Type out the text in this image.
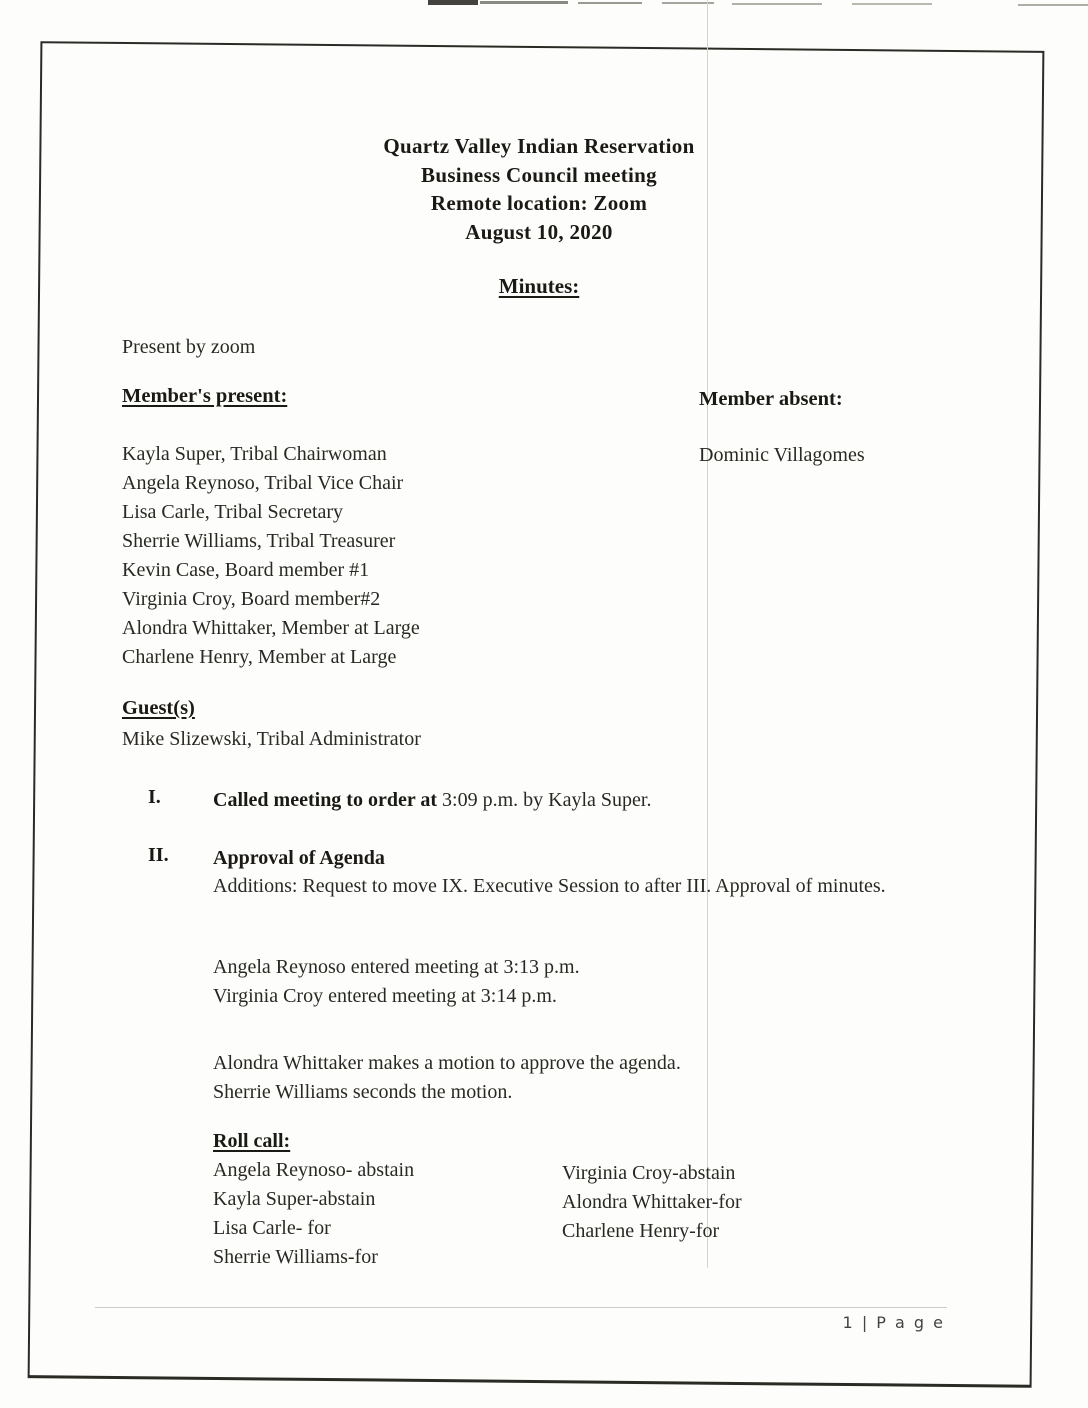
Quartz Valley Indian Reservation
Business Council meeting
Remote location: Zoom
August 10, 2020
Minutes:
Present by zoom
Member's present:	Member absent:
Kayla Super, Tribal Chairwoman
Angela Reynoso, Tribal Vice Chair
Lisa Carle, Tribal Secretary
Sherrie Williams, Tribal Treasurer
Kevin Case, Board member #1
Virginia Croy, Board member#2
Alondra Whittaker, Member at Large
Charlene Henry, Member at Large
Dominic Villagomes
Guest(s)
Mike Slizewski, Tribal Administrator
I.	Called meeting to order at 3:09 p.m. by Kayla Super.
II. Approval of Agenda
Additions: Request to move IX. Executive Session to after III. Approval of minutes.
Angela Reynoso entered meeting at 3:13 p.m.
Virginia Croy entered meeting at 3:14 p.m.
Alondra Whittaker makes a motion to approve the agenda.
Sherrie Williams seconds the motion.
Roll call:
Angela Reynoso- abstain
Kayla Super-abstain
Lisa Carle- for
Sherrie Williams-for
Virginia Croy-abstain
Alondra Whittaker-for
Charlene Henry-for
1 | P a g e
